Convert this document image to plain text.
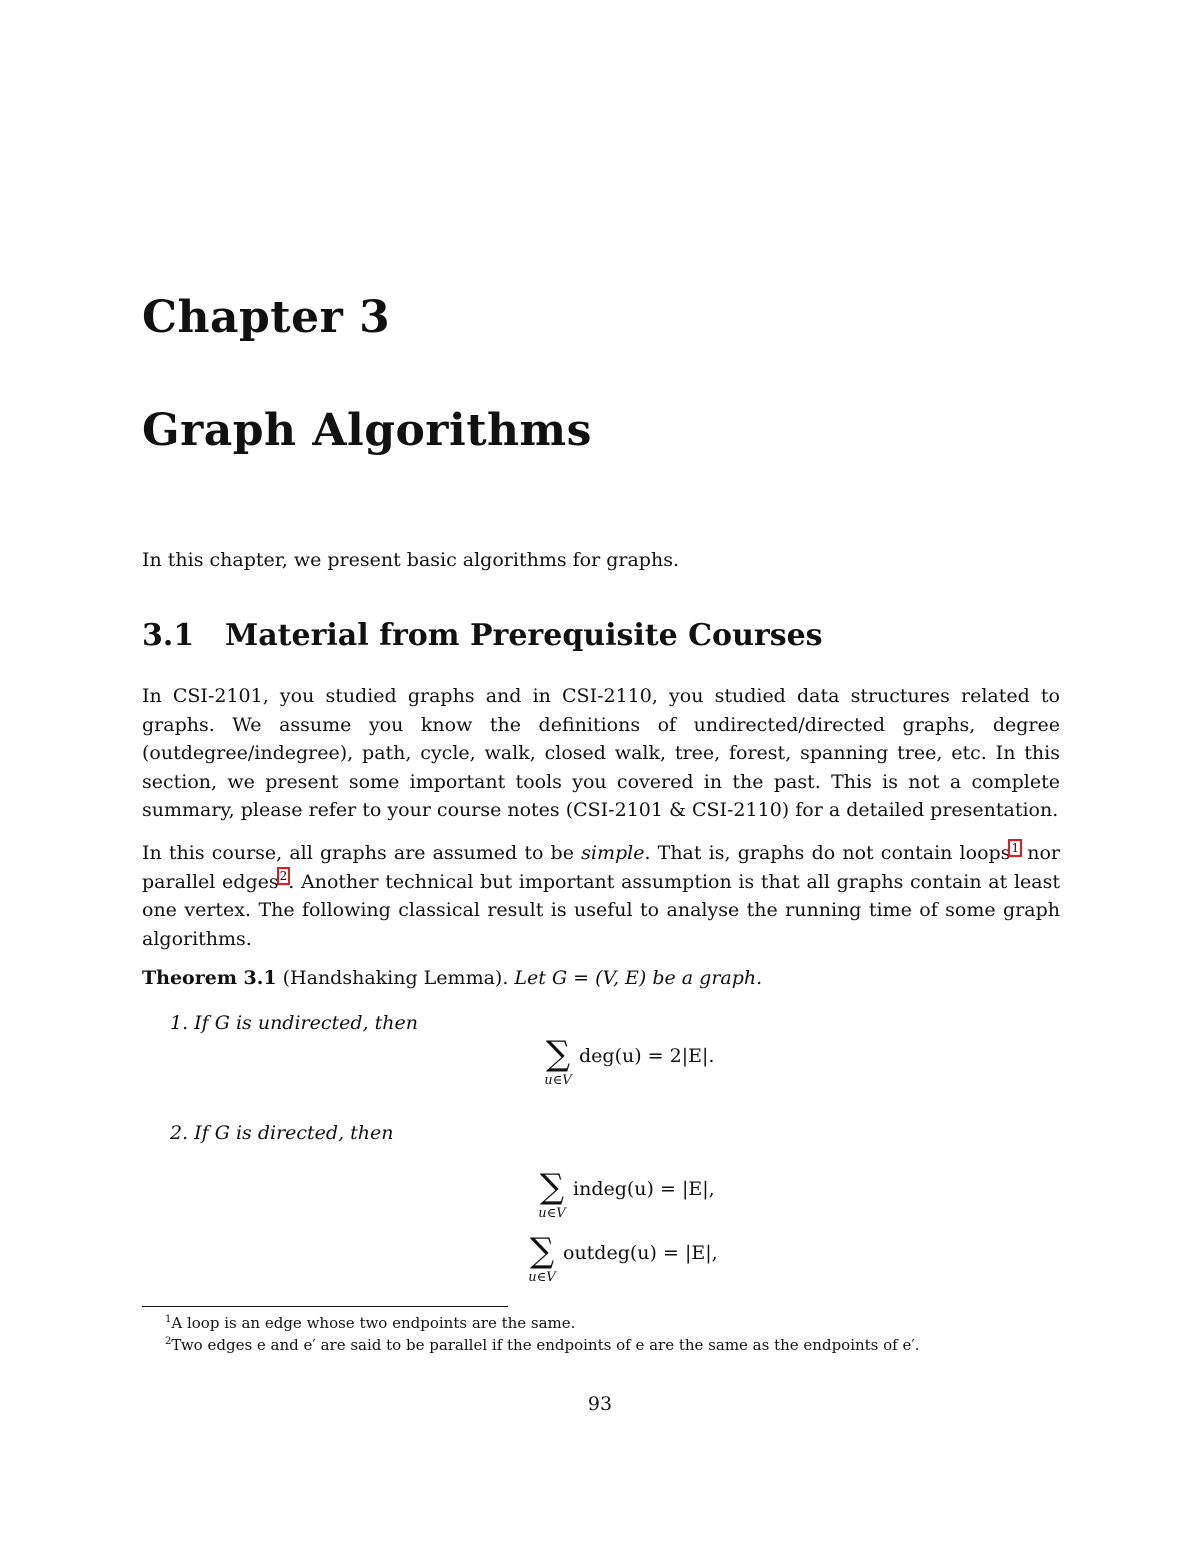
Chapter 3
Graph Algorithms
In this chapter, we present basic algorithms for graphs.
3.1 Material from Prerequisite Courses
In CSI-2101, you studied graphs and in CSI-2110, you studied data structures related to graphs. We assume you know the definitions of undirected/directed graphs, degree (outdegree/indegree), path, cycle, walk, closed walk, tree, forest, spanning tree, etc. In this section, we present some important tools you covered in the past. This is not a complete summary, please refer to your course notes (CSI-2101 & CSI-2110) for a detailed presentation.
In this course, all graphs are assumed to be simple. That is, graphs do not contain loops$^1$ nor parallel edges$^2$. Another technical but important assumption is that all graphs contain at least one vertex. The following classical result is useful to analyse the running time of some graph algorithms.
Theorem 3.1 (Handshaking Lemma). Let G = (V, E) be a graph.
1. If G is undirected, then
∑
u∈V
deg(u) = 2|E|.
2. If G is directed, then
∑
u∈V
indeg(u) = |E|,
∑
u∈V
outdeg(u) = |E|,
$^1$A loop is an edge whose two endpoints are the same.
$^2$Two edges e and e′ are said to be parallel if the endpoints of e are the same as the endpoints of e′.
93
